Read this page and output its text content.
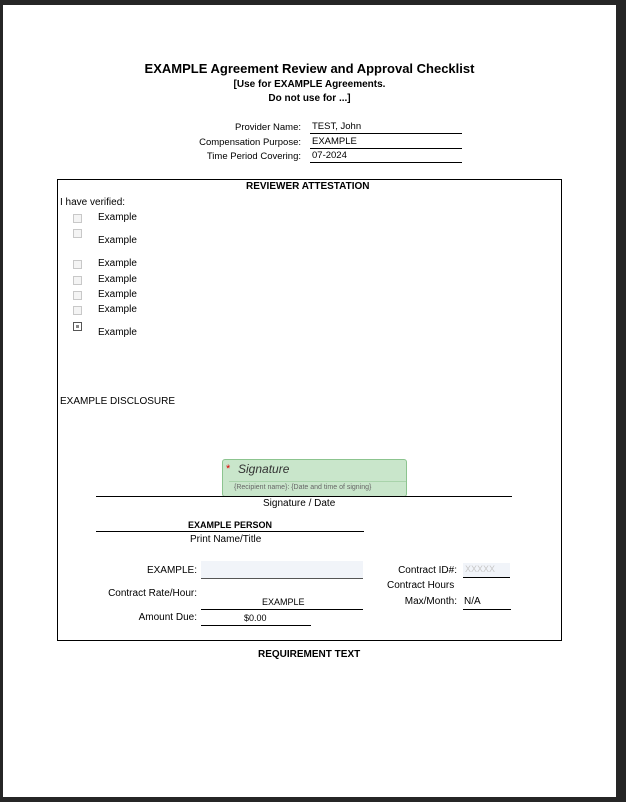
EXAMPLE Agreement Review and Approval Checklist
[Use for EXAMPLE Agreements.
Do not use for ...]
Provider Name: TEST, John
Compensation Purpose: EXAMPLE
Time Period Covering: 07-2024
REVIEWER ATTESTATION
I have verified:
Example
Example
Example
Example
Example
Example
Example
EXAMPLE DISCLOSURE
* Signature
{Recipient name}: {Date and time of signing}
Signature / Date
EXAMPLE PERSON
Print Name/Title
EXAMPLE:
Contract Rate/Hour:
EXAMPLE
Amount Due:	$0.00
Contract ID#: XXXXX
Contract Hours
Max/Month: N/A
REQUIREMENT TEXT
